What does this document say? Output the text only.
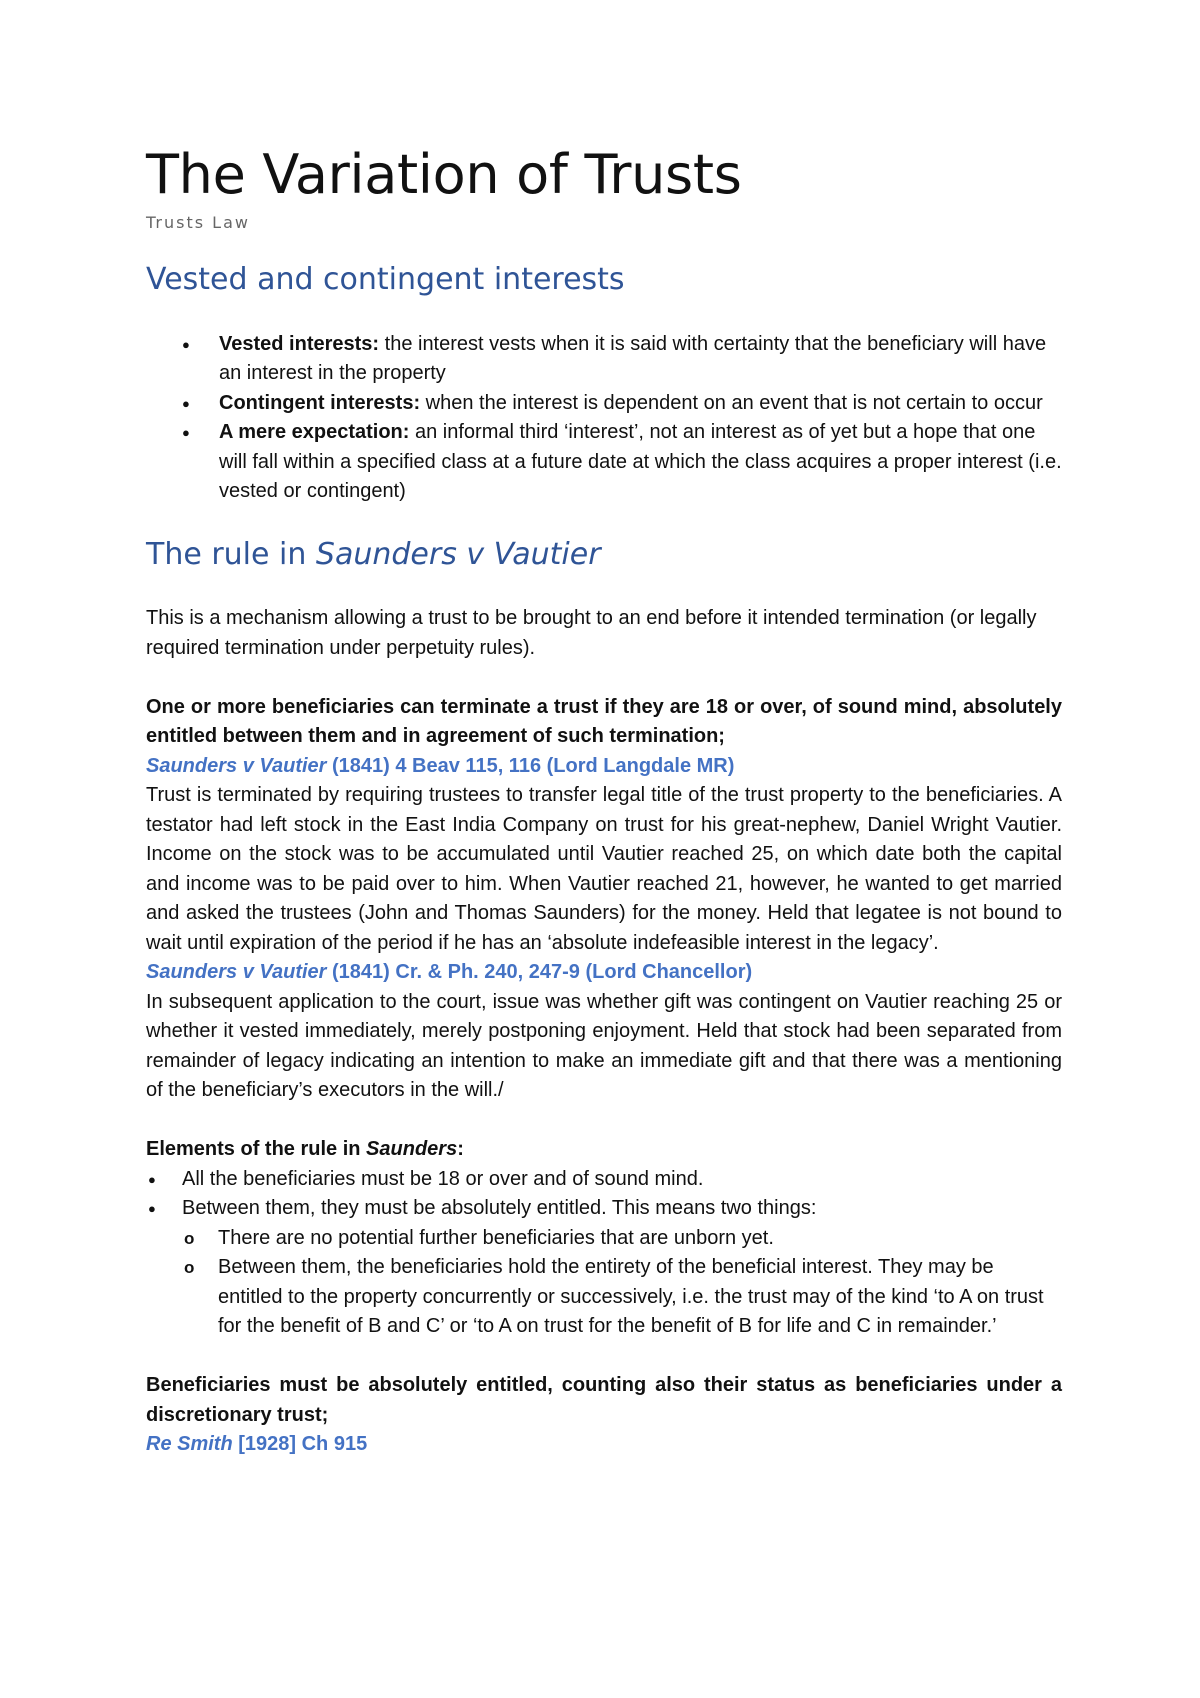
The Variation of Trusts
Trusts Law
Vested and contingent interests
● Vested interests: the interest vests when it is said with certainty that the beneficiary will have an interest in the property
● Contingent interests: when the interest is dependent on an event that is not certain to occur
● A mere expectation: an informal third ‘interest’, not an interest as of yet but a hope that one will fall within a specified class at a future date at which the class acquires a proper interest (i.e. vested or contingent)
The rule in Saunders v Vautier

This is a mechanism allowing a trust to be brought to an end before it intended termination (or legally required termination under perpetuity rules).

One or more beneficiaries can terminate a trust if they are 18 or over, of sound mind, absolutely entitled between them and in agreement of such termination;

Saunders v Vautier (1841) 4 Beav 115, 116 (Lord Langdale MR)

Trust is terminated by requiring trustees to transfer legal title of the trust property to the beneficiaries. A testator had left stock in the East India Company on trust for his great-nephew, Daniel Wright Vautier. Income on the stock was to be accumulated until Vautier reached 25, on which date both the capital and income was to be paid over to him. When Vautier reached 21, however, he wanted to get married and asked the trustees (John and Thomas Saunders) for the money. Held that legatee is not bound to wait until expiration of the period if he has an ‘absolute indefeasible interest in the legacy’.

Saunders v Vautier (1841) Cr. & Ph. 240, 247-9 (Lord Chancellor)

In subsequent application to the court, issue was whether gift was contingent on Vautier reaching 25 or whether it vested immediately, merely postponing enjoyment. Held that stock had been separated from remainder of legacy indicating an intention to make an immediate gift and that there was a mentioning of the beneficiary’s executors in the will./

Elements of the rule in Saunders:

● All the beneficiaries must be 18 or over and of sound mind.
● Between them, they must be absolutely entitled. This means two things:
o There are no potential further beneficiaries that are unborn yet.
o Between them, the beneficiaries hold the entirety of the beneficial interest. They may be entitled to the property concurrently or successively, i.e. the trust may of the kind ‘to A on trust for the benefit of B and C’ or ‘to A on trust for the benefit of B for life and C in remainder.’

Beneficiaries must be absolutely entitled, counting also their status as beneficiaries under a discretionary trust;

Re Smith [1928] Ch 915
